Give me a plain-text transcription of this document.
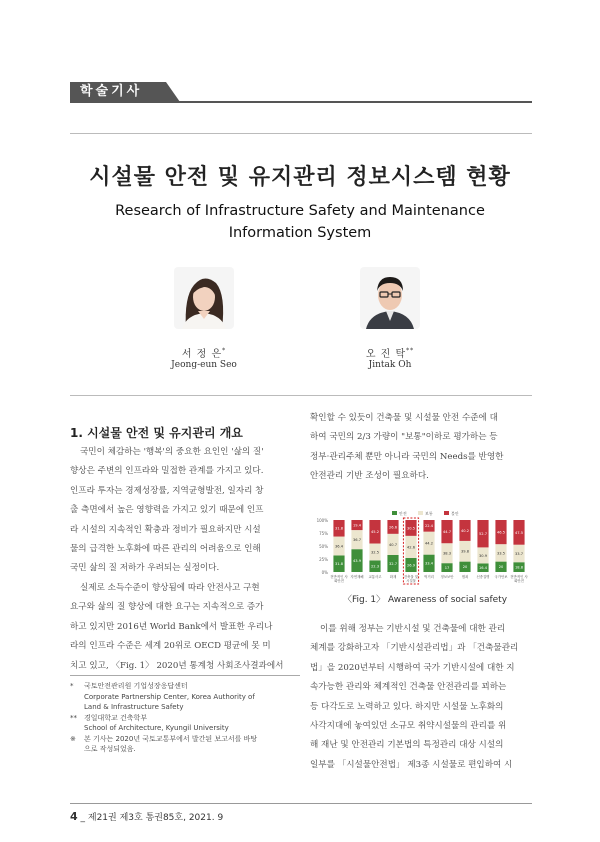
학술기사
시설물 안전 및 유지관리 정보시스템 현황
Research of Infrastructure Safety and Maintenance
Information System
서 정 은*
Jeong-eun Seo
오 진 탁**
Jintak Oh
1. 시설물 안전 및 유지관리 개요
국민이 체감하는 '행복'의 중요한 요인인 '삶의 질'
향상은 주변의 인프라와 밀접한 관계를 가지고 있다.
인프라 투자는 경제성장률, 지역균형발전, 일자리 창
출 측면에서 높은 영향력을 가지고 있기 때문에 인프
라 시설의 지속적인 확충과 정비가 필요하지만 시설
물의 급격한 노후화에 따른 관리의 어려움으로 인해
국민 삶의 질 저하가 우려되는 실정이다.
실제로 소득수준이 향상됨에 따라 안전사고 구현
요구와 삶의 질 향상에 대한 요구는 지속적으로 증가
하고 있지만 2016년 World Bank에서 발표한 우리나
라의 인프라 수준은 세계 20위로 OECD 평균에 못 미
치고 있고, 〈Fig. 1〉 2020년 통계청 사회조사결과에서
*	국토안전관리원 기업성장응답센터
Corporate Partnership Center, Korea Authority of
Land & Infrastructure Safety
**	경일대학교 건축학부
School of Architecture, Kyungil University
※	본 기사는 2020년 국토교통부에서 발간된 보고서를 바탕
으로 작성되었음.
확인할 수 있듯이 건축물 및 시설물 안전 수준에 대
하여 국민의 2/3 가량이 "보통"이하로 평가하는 등
정부·관리주체 뿐만 아니라 국민의 Needs를 반영한
안전관리 기반 조성이 필요하다.
100%
75%
50%
25%
0%
안전	보통	불안
31.8
36.4
31.8
전반적인 사
회안전
43.9
36.7
19.4
자연재해
22.3
32.5
45.2
교통사고
32.7
40.7
26.6
화재
26.9
42.6
30.5
건축물 및
시설물
33.4
44.2
22.4
먹거리
17
38.3
44.7
정보보안
20
39.8
40.2
범죄
16.4
30.9
52.7
신종질병
20
33.5
46.5
국가안보
18.8
33.7
47.5
전반적인 사
회안전
〈Fig. 1〉 Awareness of social safety
이를 위해 정부는 기반시설 및 건축물에 대한 관리
체계를 강화하고자 「기반시설관리법」과 「건축물관리
법」을 2020년부터 시행하여 국가 기반시설에 대한 지
속가능한 관리와 체계적인 건축물 안전관리를 꾀하는
등 다각도로 노력하고 있다. 하지만 시설물 노후화의
사각지대에 놓여있던 소규모 취약시설물의 관리를 위
해 재난 및 안전관리 기본법의 특정관리 대상 시설의
일부를 「시설물안전법」 제3종 시설물로 편입하여 시
4 _ 제21권 제3호 통권85호, 2021. 9
